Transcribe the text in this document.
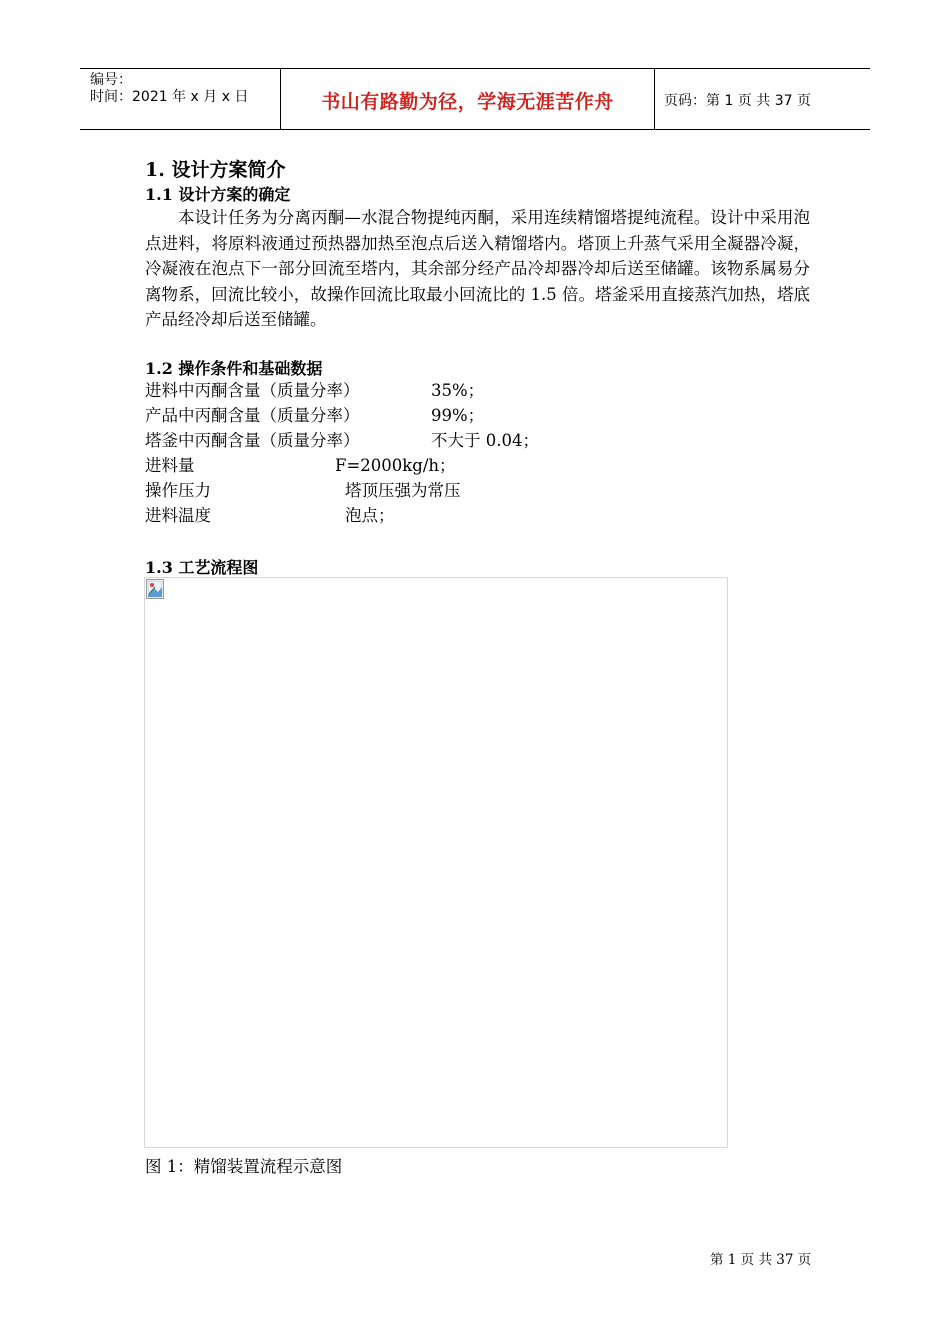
编号：
时间：2021 年 x 月 x 日	书山有路勤为径，学海无涯苦作舟	页码：第 1 页 共 37 页
1. 设计方案简介
1.1 设计方案的确定
本设计任务为分离丙酮—水混合物提纯丙酮，采用连续精馏塔提纯流程。设计中采用泡点进料，将原料液通过预热器加热至泡点后送入精馏塔内。塔顶上升蒸气采用全凝器冷凝，冷凝液在泡点下一部分回流至塔内，其余部分经产品冷却器冷却后送至储罐。该物系属易分离物系，回流比较小，故操作回流比取最小回流比的 1.5 倍。塔釜采用直接蒸汽加热，塔底产品经冷却后送至储罐。
1.2 操作条件和基础数据
进料中丙酮含量（质量分率）	35%；
产品中丙酮含量（质量分率）	99%；
塔釜中丙酮含量（质量分率）	不大于 0.04；
进料量	F=2000kg/h；
操作压力	塔顶压强为常压
进料温度	泡点；
1.3 工艺流程图
图 1：精馏装置流程示意图
第 1 页 共 37 页
